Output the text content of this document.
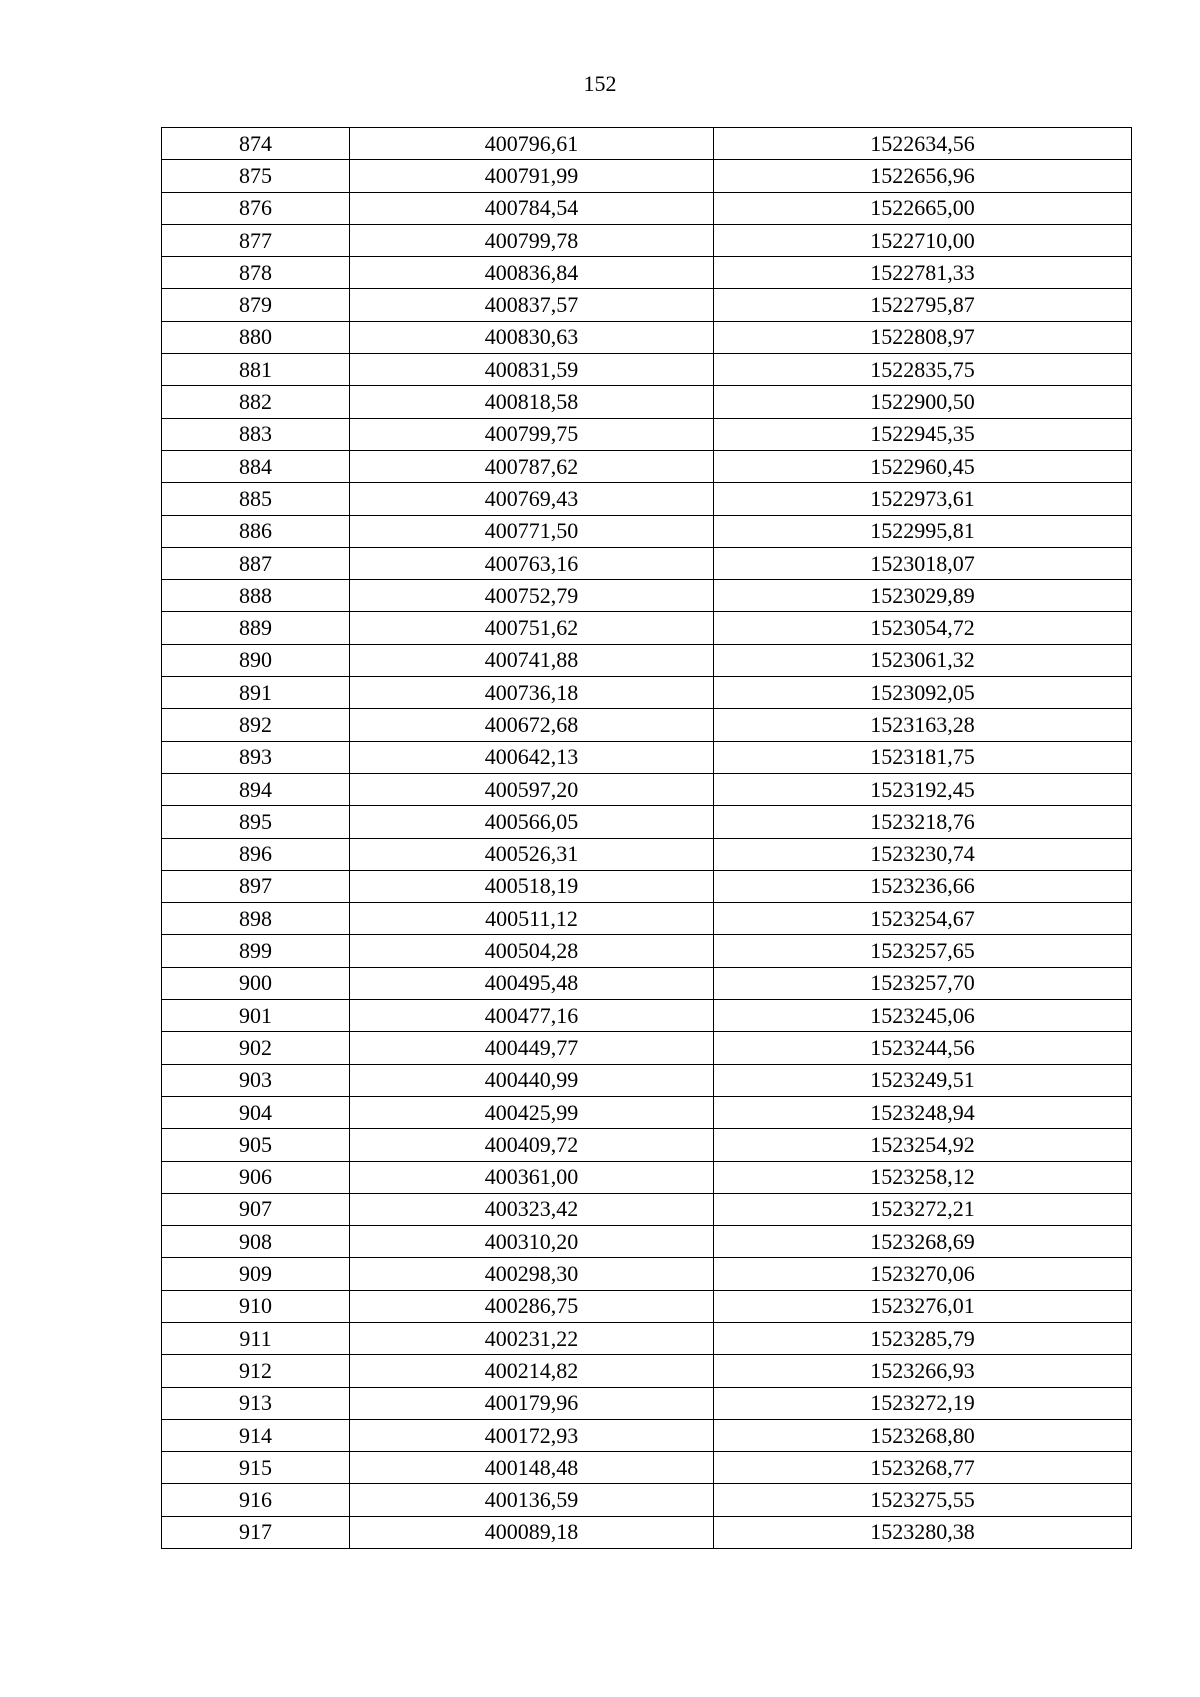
152
874	400796,61	1522634,56
875	400791,99	1522656,96
876	400784,54	1522665,00
877	400799,78	1522710,00
878	400836,84	1522781,33
879	400837,57	1522795,87
880	400830,63	1522808,97
881	400831,59	1522835,75
882	400818,58	1522900,50
883	400799,75	1522945,35
884	400787,62	1522960,45
885	400769,43	1522973,61
886	400771,50	1522995,81
887	400763,16	1523018,07
888	400752,79	1523029,89
889	400751,62	1523054,72
890	400741,88	1523061,32
891	400736,18	1523092,05
892	400672,68	1523163,28
893	400642,13	1523181,75
894	400597,20	1523192,45
895	400566,05	1523218,76
896	400526,31	1523230,74
897	400518,19	1523236,66
898	400511,12	1523254,67
899	400504,28	1523257,65
900	400495,48	1523257,70
901	400477,16	1523245,06
902	400449,77	1523244,56
903	400440,99	1523249,51
904	400425,99	1523248,94
905	400409,72	1523254,92
906	400361,00	1523258,12
907	400323,42	1523272,21
908	400310,20	1523268,69
909	400298,30	1523270,06
910	400286,75	1523276,01
911	400231,22	1523285,79
912	400214,82	1523266,93
913	400179,96	1523272,19
914	400172,93	1523268,80
915	400148,48	1523268,77
916	400136,59	1523275,55
917	400089,18	1523280,38
